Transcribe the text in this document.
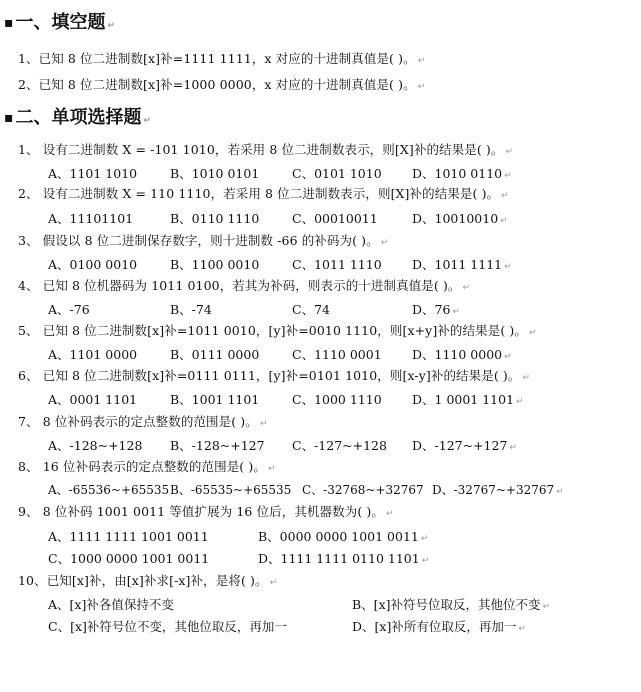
▪ 一、填空题 ↵
1、已知 8 位二进制数[x]补=1111 1111，x 对应的十进制真值是( )。 ↵
2、已知 8 位二进制数[x]补=1000 0000，x 对应的十进制真值是( )。 ↵
▪ 二、单项选择题 ↵
1、 设有二进制数 X = -101 1010，若采用 8 位二进制数表示，则[X]补的结果是( )。 ↵
A、1101 1010	B、1010 0101	C、0101 1010 D、1010 0110 ↵
2、 设有二进制数 X = 110 1110，若采用 8 位二进制数表示，则[X]补的结果是( )。 ↵
A、11101101	B、0110 1110	C、00010011	D、10010010 ↵
3、 假设以 8 位二进制保存数字，则十进制数 -66 的补码为( )。 ↵
A、0100 0010	B、1100 0010	C、1011 1110 D、1011 1111 ↵
4、 已知 8 位机器码为 1011 0100，若其为补码，则表示的十进制真值是( )。 ↵
A、-76	B、-74	C、74	D、76 ↵
5、 已知 8 位二进制数[x]补=1011 0010，[y]补=0010 1110，则[x+y]补的结果是( )。 ↵
A、1101 0000	B、0111 0000	C、1110 0001 D、1110 0000 ↵
6、 已知 8 位二进制数[x]补=0111 0111，[y]补=0101 1010，则[x-y]补的结果是( )。 ↵
A、0001 1101	B、1001 1101	C、1000 1110 D、1 0001 1101 ↵
7、 8 位补码表示的定点整数的范围是( )。 ↵
A、-128~+128 B、-128~+127 C、-127~+128 D、-127~+127 ↵
8、 16 位补码表示的定点整数的范围是( )。 ↵
A、-65536~+65535 B、-65535~+65535 C、-32768~+32767 D、-32767~+32767 ↵
9、 8 位补码 1001 0011 等值扩展为 16 位后，其机器数为( )。 ↵
A、1111 1111 1001 0011	B、0000 0000 1001 0011 ↵
C、1000 0000 1001 0011	D、1111 1111 0110 1101 ↵
10、已知[x]补，由[x]补求[-x]补，是将( )。 ↵
A、[x]补各值保持不变	B、[x]补符号位取反，其他位不变 ↵
C、[x]补符号位不变，其他位取反，再加一	D、[x]补所有位取反，再加一 ↵
